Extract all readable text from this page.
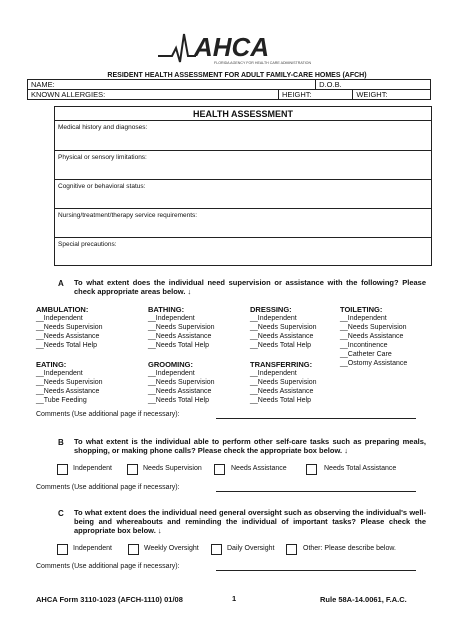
AHCA
FLORIDA AGENCY FOR HEALTH CARE ADMINISTRATION
RESIDENT HEALTH ASSESSMENT FOR ADULT FAMILY-CARE HOMES (AFCH)
NAME:		D.O.B.	
KNOWN ALLERGIES:	HEIGHT:		WEIGHT:
HEALTH ASSESSMENT
Medical history and diagnoses:
Physical or sensory limitations:
Cognitive or behavioral status:
Nursing/treatment/therapy service requirements:
Special precautions:
A To what extent does the individual need supervision or assistance with the following? Please check appropriate areas below. ↓
AMBULATION:
__Independent
__Needs Supervision
__Needs Assistance
__Needs Total Help
BATHING:
__Independent
__Needs Supervision
__Needs Assistance
__Needs Total Help
DRESSING:
__Independent
__Needs Supervision
__Needs Assistance
__Needs Total Help
TOILETING:
__Independent
__Needs Supervision
__Needs Assistance
__Incontinence
__Catheter Care
__Ostomy Assistance
EATING:
__Independent
__Needs Supervision
__Needs Assistance
__Tube Feeding
GROOMING:
__Independent
__Needs Supervision
__Needs Assistance
__Needs Total Help
TRANSFERRING:
__Independent
__Needs Supervision
__Needs Assistance
__Needs Total Help
Comments (Use additional page if necessary):
B To what extent is the individual able to perform other self-care tasks such as preparing meals, shopping, or making phone calls? Please check the appropriate box below. ↓
Independent	Needs Supervision	Needs Assistance	Needs Total Assistance
Comments (Use additional page if necessary):
C To what extent does the individual need general oversight such as observing the individual's well-being and whereabouts and reminding the individual of important tasks? Please check the appropriate box below. ↓
Independent	Weekly Oversight	Daily Oversight	Other: Please describe below.
Comments (Use additional page if necessary):
AHCA Form 3110-1023 (AFCH-1110) 01/08	1	Rule 58A-14.0061, F.A.C.
